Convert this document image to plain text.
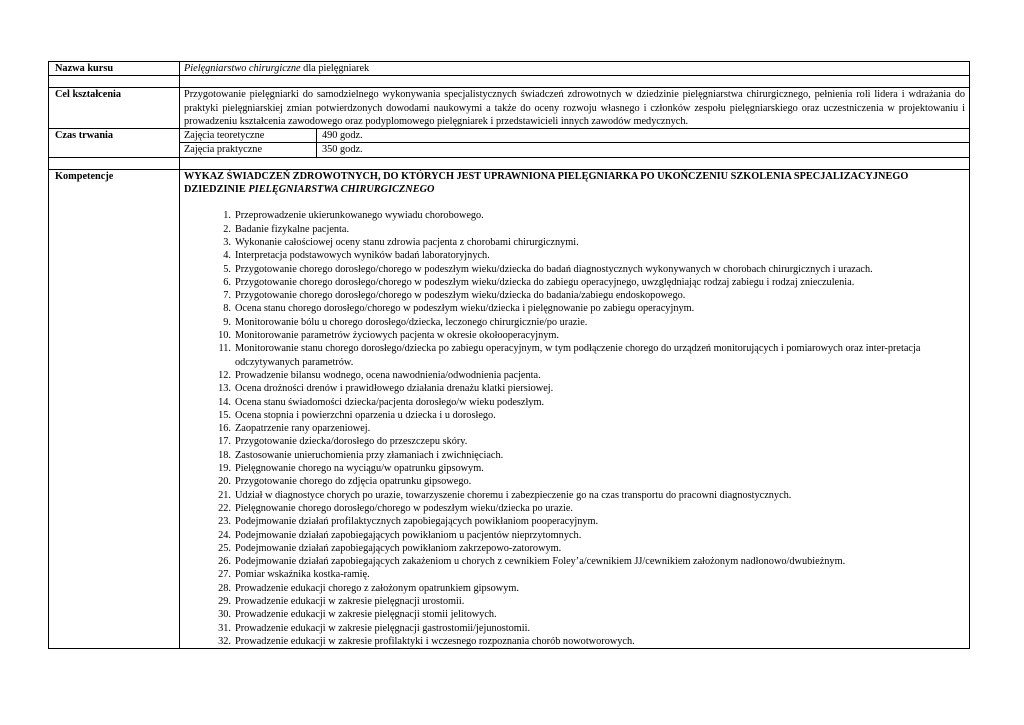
Nazwa kursu	Pielęgniarstwo chirurgiczne dla pielęgniarek

Cel kształcenia	Przygotowanie pielęgniarki do samodzielnego wykonywania specjalistycznych świadczeń zdrowotnych w dziedzinie pielęgniarstwa chirurgicznego, pełnienia roli lidera i wdrażania do praktyki pielęgniarskiej zmian potwierdzonych dowodami naukowymi a także do oceny rozwoju własnego i członków zespołu pielęgniarskiego oraz uczestniczenia w projektowaniu i prowadzeniu kształcenia zawodowego oraz podyplomowego pielęgniarek i przedstawicieli innych zawodów medycznych.
Czas trwania		Zajęcia teoretyczne	490 godz.
Zajęcia praktyczne	350 godz.

Kompetencje	WYKAZ ŚWIADCZEŃ ZDROWOTNYCH, DO KTÓRYCH JEST UPRAWNIONA PIELĘGNIARKA PO UKOŃCZENIU SZKOLENIA SPECJALIZACYJNEGO DZIEDZINIE PIELĘGNIARSTWA CHIRURGICZNEGO
1. Przeprowadzenie ukierunkowanego wywiadu chorobowego.
2. Badanie fizykalne pacjenta.
3. Wykonanie całościowej oceny stanu zdrowia pacjenta z chorobami chirurgicznymi.
4. Interpretacja podstawowych wyników badań laboratoryjnych.
5. Przygotowanie chorego dorosłego/chorego w podeszłym wieku/dziecka do badań diagnostycznych wykonywanych w chorobach chirurgicznych i urazach.
6. Przygotowanie chorego dorosłego/chorego w podeszłym wieku/dziecka do zabiegu operacyjnego, uwzględniając rodzaj zabiegu i rodzaj znieczulenia.
7. Przygotowanie chorego dorosłego/chorego w podeszłym wieku/dziecka do badania/zabiegu endoskopowego.
8. Ocena stanu chorego dorosłego/chorego w podeszłym wieku/dziecka i pielęgnowanie po zabiegu operacyjnym.
9. Monitorowanie bólu u chorego dorosłego/dziecka, leczonego chirurgicznie/po urazie.
10. Monitorowanie parametrów życiowych pacjenta w okresie okołooperacyjnym.
11. Monitorowanie stanu chorego dorosłego/dziecka po zabiegu operacyjnym, w tym podłączenie chorego do urządzeń monitorujących i pomiarowych oraz inter-pretacja odczytywanych parametrów.
12. Prowadzenie bilansu wodnego, ocena nawodnienia/odwodnienia pacjenta.
13. Ocena drożności drenów i prawidłowego działania drenażu klatki piersiowej.
14. Ocena stanu świadomości dziecka/pacjenta dorosłego/w wieku podeszłym.
15. Ocena stopnia i powierzchni oparzenia u dziecka i u dorosłego.
16. Zaopatrzenie rany oparzeniowej.
17. Przygotowanie dziecka/dorosłego do przeszczepu skóry.
18. Zastosowanie unieruchomienia przy złamaniach i zwichnięciach.
19. Pielęgnowanie chorego na wyciągu/w opatrunku gipsowym.
20. Przygotowanie chorego do zdjęcia opatrunku gipsowego.
21. Udział w diagnostyce chorych po urazie, towarzyszenie choremu i zabezpieczenie go na czas transportu do pracowni diagnostycznych.
22. Pielęgnowanie chorego dorosłego/chorego w podeszłym wieku/dziecka po urazie.
23. Podejmowanie działań profilaktycznych zapobiegających powikłaniom pooperacyjnym.
24. Podejmowanie działań zapobiegających powikłaniom u pacjentów nieprzytomnych.
25. Podejmowanie działań zapobiegających powikłaniom zakrzepowo-zatorowym.
26. Podejmowanie działań zapobiegających zakażeniom u chorych z cewnikiem Foley’a/cewnikiem JJ/cewnikiem założonym nadłonowo/dwubieżnym.
27. Pomiar wskaźnika kostka-ramię.
28. Prowadzenie edukacji chorego z założonym opatrunkiem gipsowym.
29. Prowadzenie edukacji w zakresie pielęgnacji urostomii.
30. Prowadzenie edukacji w zakresie pielęgnacji stomii jelitowych.
31. Prowadzenie edukacji w zakresie pielęgnacji gastrostomii/jejunostomii.
32. Prowadzenie edukacji w zakresie profilaktyki i wczesnego rozpoznania chorób nowotworowych.
